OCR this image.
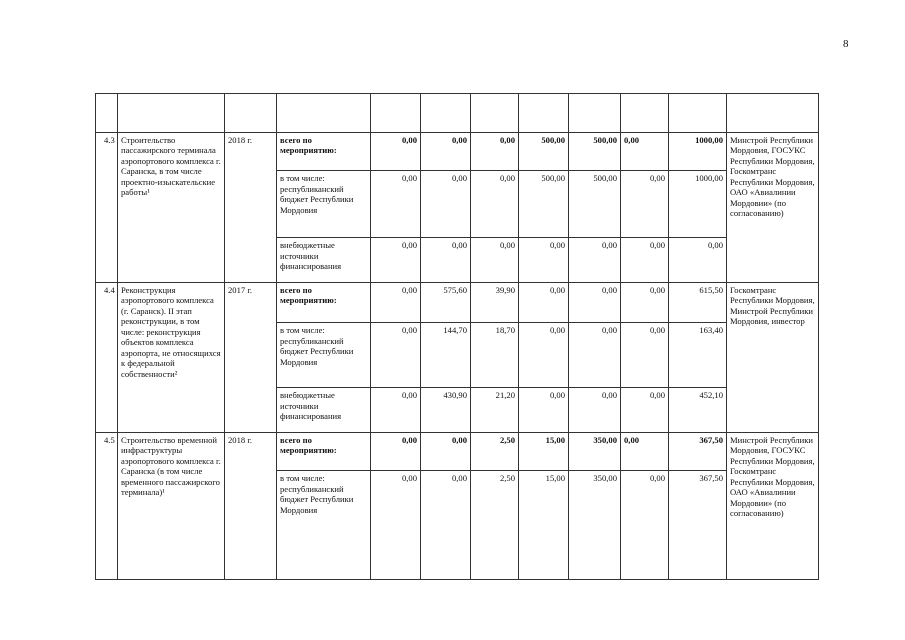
8

4.3	Строительство пассажирского терминала аэропортового комплекса г. Саранска, в том числе проектно-изыскательские работы¹	2018 г.	всего по мероприятию:	0,00	0,00	0,00	500,00	500,00	0,00	1000,00	Минстрой Республики Мордовия, ГОСУКС Республики Мордовия, Госкомтранс Республики Мордовия, ОАО «Авиалинии Мордовии» (по согласованию)
			в том числе: республиканский бюджет Республики Мордовия	0,00	0,00	0,00	500,00	500,00	0,00	1000,00	
			внебюджетные источники финансирования	0,00	0,00	0,00	0,00	0,00	0,00	0,00	
4.4	Реконструкция аэропортового комплекса (г. Саранск). II этап реконструкции, в том числе: реконструкция объектов комплекса аэропорта, не относящихся к федеральной собственности²	2017 г.	всего по мероприятию:	0,00	575,60	39,90	0,00	0,00	0,00	615,50	Госкомтранс Республики Мордовия, Минстрой Республики Мордовия, инвестор
			в том числе: республиканский бюджет Республики Мордовия	0,00	144,70	18,70	0,00	0,00	0,00	163,40	
			внебюджетные источники финансирования	0,00	430,90	21,20	0,00	0,00	0,00	452,10	
4.5	Строительство временной инфраструктуры аэропортового комплекса г. Саранска (в том числе временного пассажирского терминала)¹	2018 г.	всего по мероприятию:	0,00	0,00	2,50	15,00	350,00	0,00	367,50	Минстрой Республики Мордовия, ГОСУКС Республики Мордовия, Госкомтранс Республики Мордовия, ОАО «Авиалинии Мордовии» (по согласованию)
			в том числе: республиканский бюджет Республики Мордовия	0,00	0,00	2,50	15,00	350,00	0,00	367,50	
